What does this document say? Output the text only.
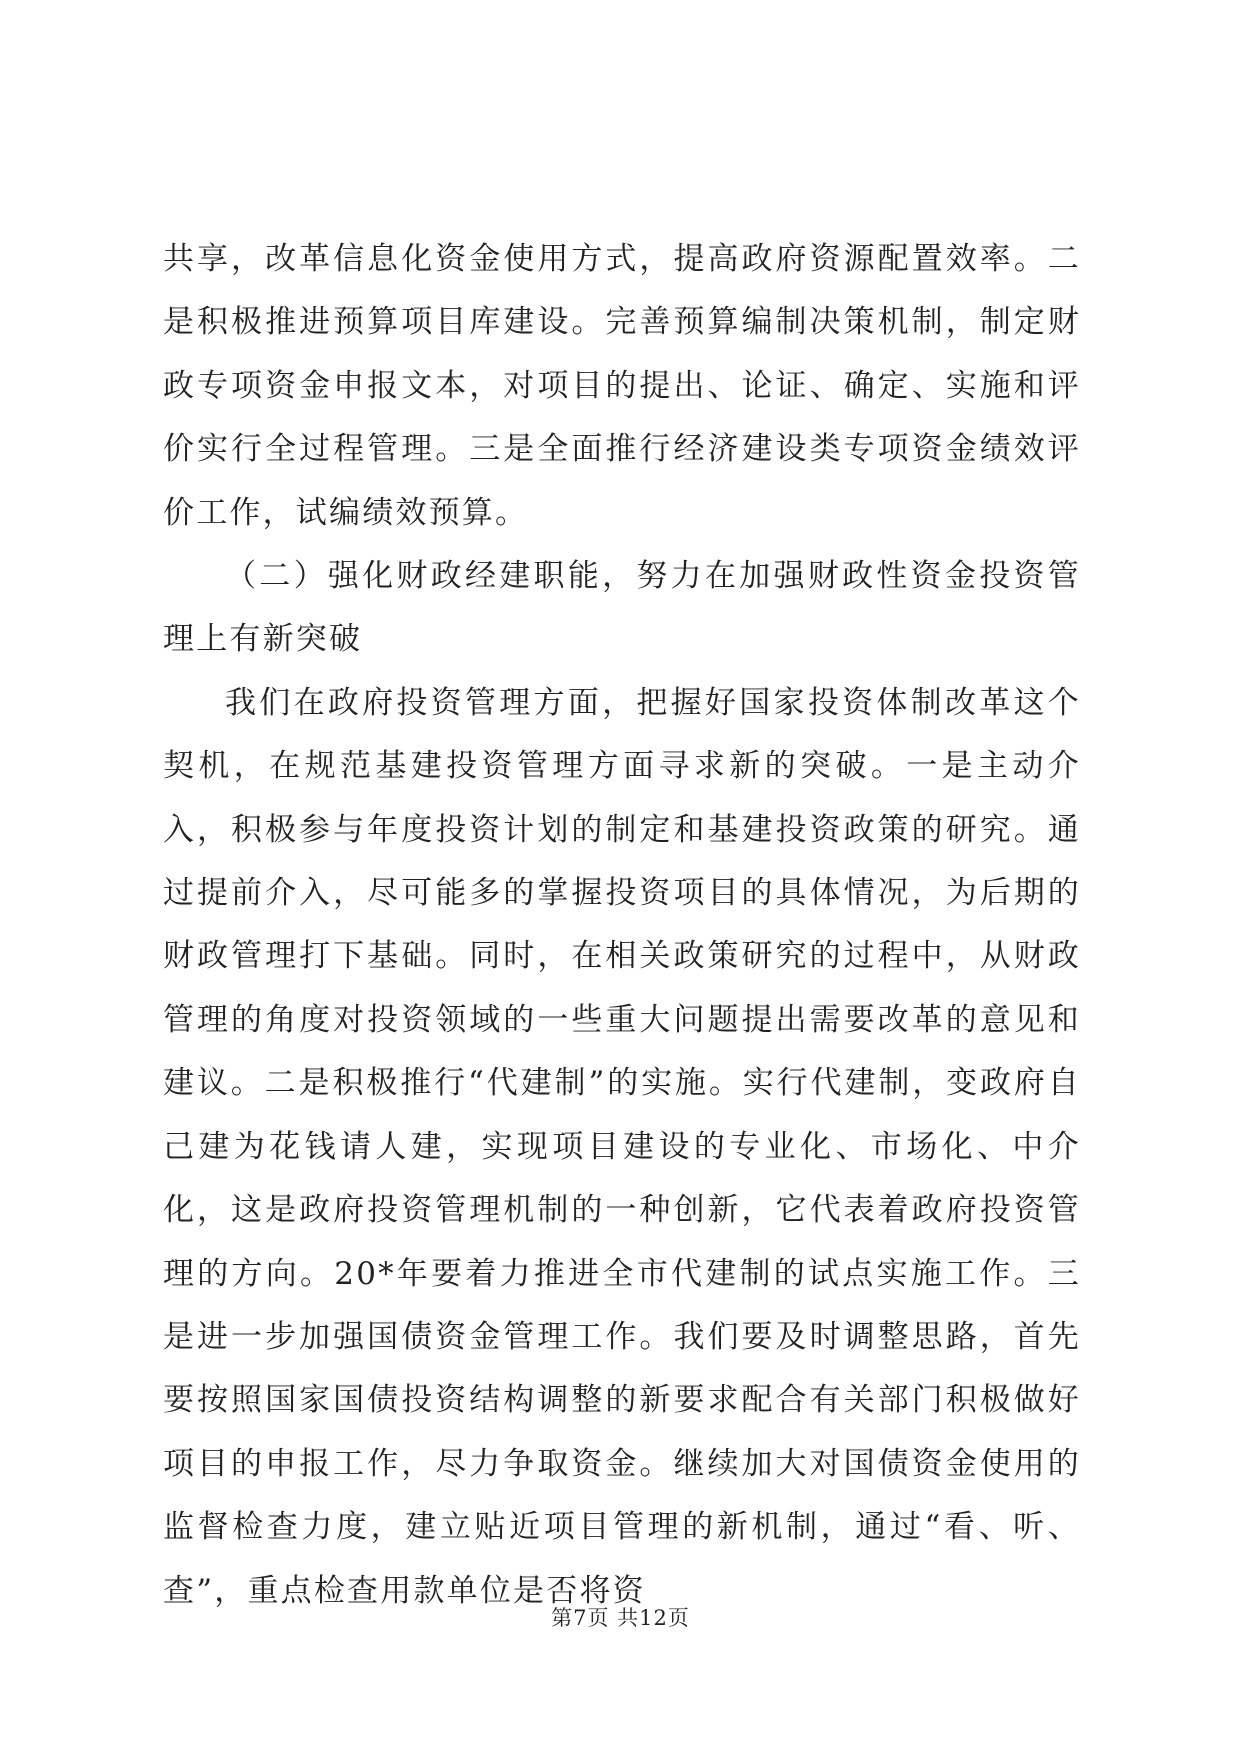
共享，改革信息化资金使用方式，提高政府资源配置效率。二是积极推进预算项目库建设。完善预算编制决策机制，制定财政专项资金申报文本，对项目的提出、论证、确定、实施和评价实行全过程管理。三是全面推行经济建设类专项资金绩效评价工作，试编绩效预算。

（二）强化财政经建职能，努力在加强财政性资金投资管理上有新突破

我们在政府投资管理方面，把握好国家投资体制改革这个契机，在规范基建投资管理方面寻求新的突破。一是主动介入，积极参与年度投资计划的制定和基建投资政策的研究。通过提前介入，尽可能多的掌握投资项目的具体情况，为后期的财政管理打下基础。同时，在相关政策研究的过程中，从财政管理的角度对投资领域的一些重大问题提出需要改革的意见和建议。二是积极推行“代建制”的实施。实行代建制，变政府自己建为花钱请人建，实现项目建设的专业化、市场化、中介化，这是政府投资管理机制的一种创新，它代表着政府投资管理的方向。20*年要着力推进全市代建制的试点实施工作。三是进一步加强国债资金管理工作。我们要及时调整思路，首先要按照国家国债投资结构调整的新要求配合有关部门积极做好项目的申报工作，尽力争取资金。继续加大对国债资金使用的监督检查力度，建立贴近项目管理的新机制，通过“看、听、查”，重点检查用款单位是否将资

第7页 共12页
